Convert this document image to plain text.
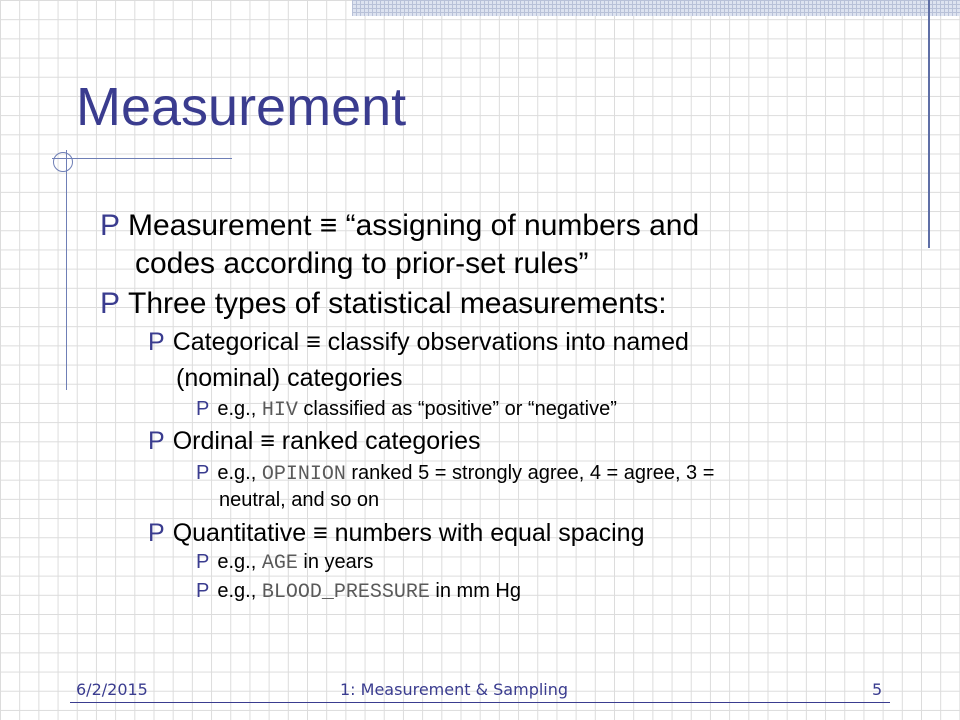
Measurement
P Measurement ≡ “assigning of numbers and
codes according to prior-set rules”
P Three types of statistical measurements:
P Categorical ≡ classify observations into named
(nominal) categories
P e.g., HIV classified as “positive” or “negative”
P Ordinal ≡ ranked categories
P e.g., OPINION ranked 5 = strongly agree, 4 = agree, 3 =
neutral, and so on
P Quantitative ≡ numbers with equal spacing
P e.g., AGE in years
P e.g., BLOOD_PRESSURE in mm Hg
6/2/2015	1: Measurement & Sampling	5
